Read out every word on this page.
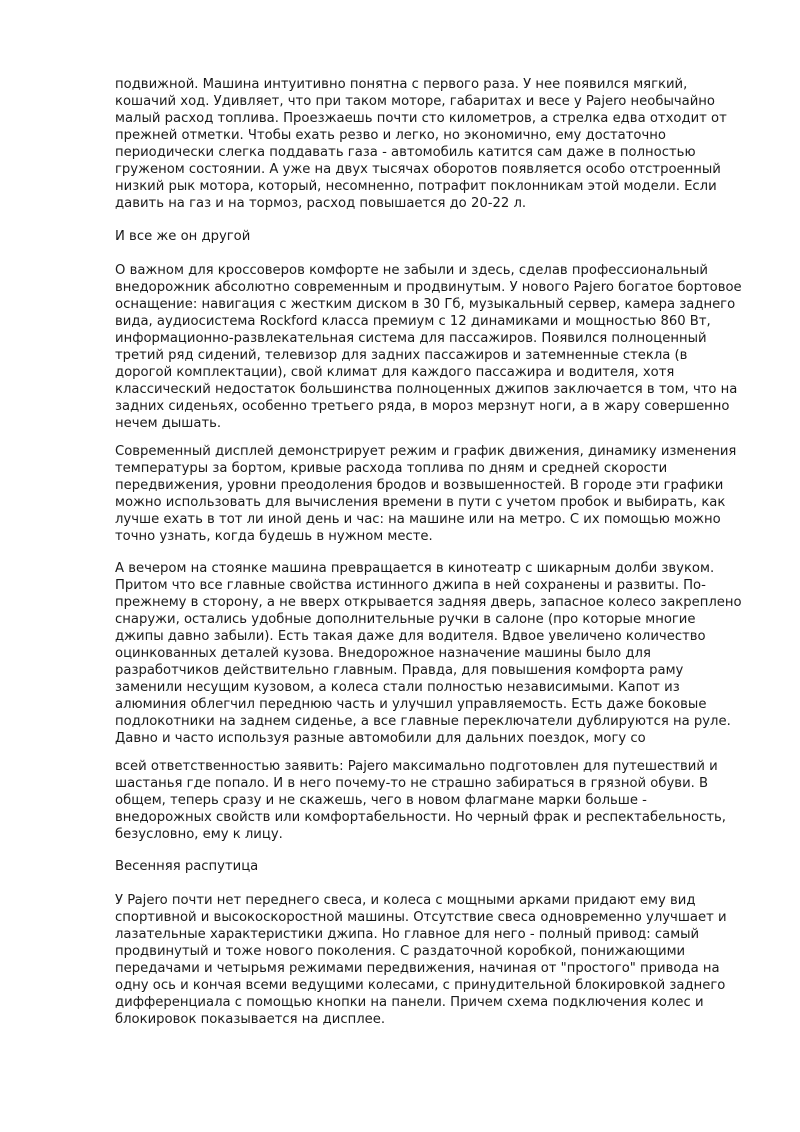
подвижной. Машина интуитивно понятна с первого раза. У нее появился мягкий,
кошачий ход. Удивляет, что при таком моторе, габаритах и весе у Pajero необычайно
малый расход топлива. Проезжаешь почти сто километров, а стрелка едва отходит от
прежней отметки. Чтобы ехать резво и легко, но экономично, ему достаточно
периодически слегка поддавать газа - автомобиль катится сам даже в полностью
груженом состоянии. А уже на двух тысячах оборотов появляется особо отстроенный
низкий рык мотора, который, несомненно, потрафит поклонникам этой модели. Если
давить на газ и на тормоз, расход повышается до 20-22 л.

И все же он другой

О важном для кроссоверов комфорте не забыли и здесь, сделав профессиональный
внедорожник абсолютно современным и продвинутым. У нового Pajero богатое бортовое
оснащение: навигация с жестким диском в 30 Гб, музыкальный сервер, камера заднего
вида, аудиосистема Rockford класса премиум с 12 динамиками и мощностью 860 Вт,
информационно-развлекательная система для пассажиров. Появился полноценный
третий ряд сидений, телевизор для задних пассажиров и затемненные стекла (в
дорогой комплектации), свой климат для каждого пассажира и водителя, хотя
классический недостаток большинства полноценных джипов заключается в том, что на
задних сиденьях, особенно третьего ряда, в мороз мерзнут ноги, а в жару совершенно
нечем дышать.

Современный дисплей демонстрирует режим и график движения, динамику изменения
температуры за бортом, кривые расхода топлива по дням и средней скорости
передвижения, уровни преодоления бродов и возвышенностей. В городе эти графики
можно использовать для вычисления времени в пути с учетом пробок и выбирать, как
лучше ехать в тот ли иной день и час: на машине или на метро. С их помощью можно
точно узнать, когда будешь в нужном месте.

А вечером на стоянке машина превращается в кинотеатр с шикарным долби звуком.
Притом что все главные свойства истинного джипа в ней сохранены и развиты. По-
прежнему в сторону, а не вверх открывается задняя дверь, запасное колесо закреплено
снаружи, остались удобные дополнительные ручки в салоне (про которые многие
джипы давно забыли). Есть такая даже для водителя. Вдвое увеличено количество
оцинкованных деталей кузова. Внедорожное назначение машины было для
разработчиков действительно главным. Правда, для повышения комфорта раму
заменили несущим кузовом, а колеса стали полностью независимыми. Капот из
алюминия облегчил переднюю часть и улучшил управляемость. Есть даже боковые
подлокотники на заднем сиденье, а все главные переключатели дублируются на руле.
Давно и часто используя разные автомобили для дальних поездок, могу со

всей ответственностью заявить: Pajero максимально подготовлен для путешествий и
шастанья где попало. И в него почему-то не страшно забираться в грязной обуви. В
общем, теперь сразу и не скажешь, чего в новом флагмане марки больше -
внедорожных свойств или комфортабельности. Но черный фрак и респектабельность,
безусловно, ему к лицу.

Весенняя распутица

У Pajero почти нет переднего свеса, и колеса с мощными арками придают ему вид
спортивной и высокоскоростной машины. Отсутствие свеса одновременно улучшает и
лазательные характеристики джипа. Но главное для него - полный привод: самый
продвинутый и тоже нового поколения. С раздаточной коробкой, понижающими
передачами и четырьмя режимами передвижения, начиная от "простого" привода на
одну ось и кончая всеми ведущими колесами, с принудительной блокировкой заднего
дифференциала с помощью кнопки на панели. Причем схема подключения колес и
блокировок показывается на дисплее.
